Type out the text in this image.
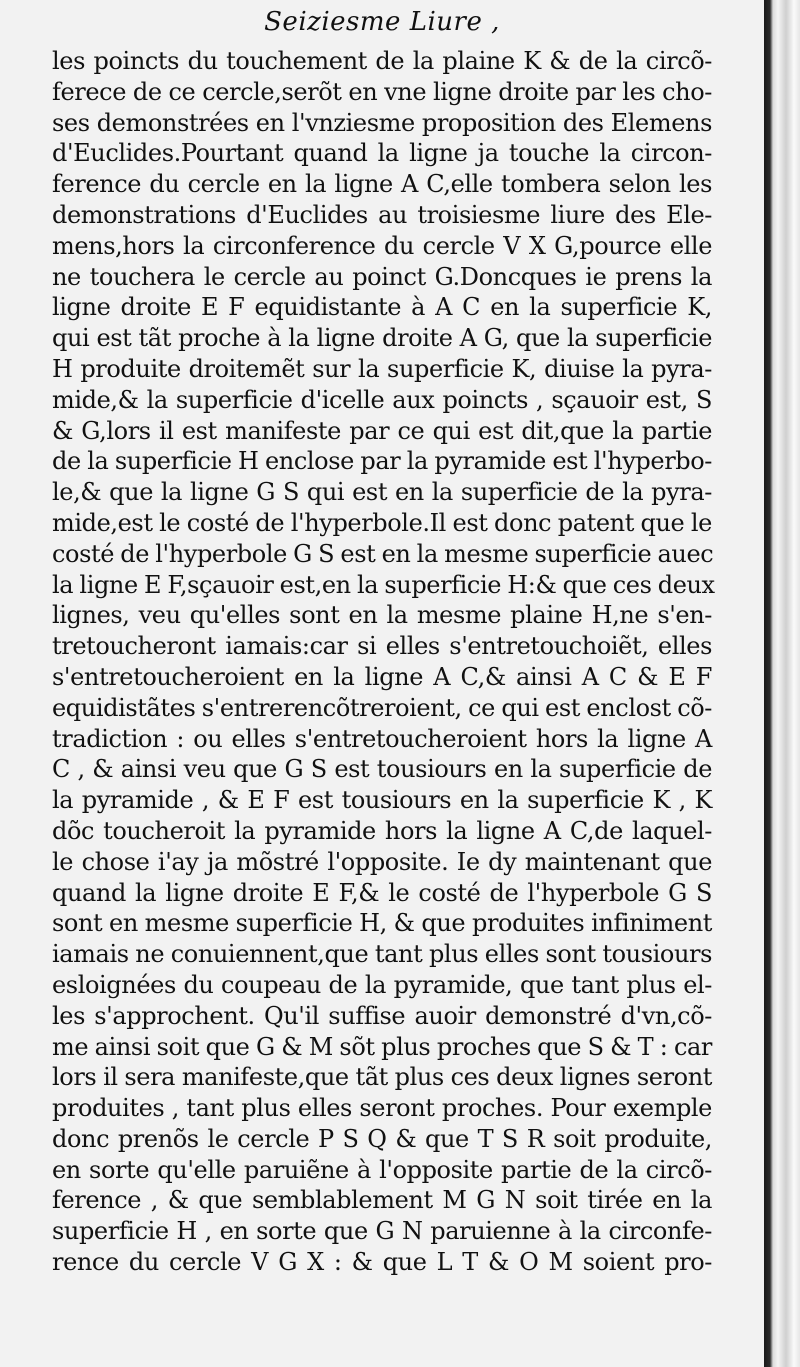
Seiziesme Liure ,
les poincts du touchement de la plaine K & de la circõ-
ferece de ce cercle,serõt en vne ligne droite par les cho-
ses demonstrées en l'vnziesme proposition des Elemens
d'Euclides.Pourtant quand la ligne ja touche la circon-
ference du cercle en la ligne A C,elle tombera selon les
demonstrations d'Euclides au troisiesme liure des Ele-
mens,hors la circonference du cercle V X G,pource elle
ne touchera le cercle au poinct G.Doncques ie prens la
ligne droite E F equidistante à A C en la superficie K,
qui est tãt proche à la ligne droite A G, que la superficie
H produite droitemẽt sur la superficie K, diuise la pyra-
mide,& la superficie d'icelle aux poincts , sçauoir est, S
& G,lors il est manifeste par ce qui est dit,que la partie
de la superficie H enclose par la pyramide est l'hyperbo-
le,& que la ligne G S qui est en la superficie de la pyra-
mide,est le costé de l'hyperbole.Il est donc patent que le
costé de l'hyperbole G S est en la mesme superficie auec
la ligne E F,sçauoir est,en la superficie H:& que ces deux
lignes, veu qu'elles sont en la mesme plaine H,ne s'en-
tretoucheront iamais:car si elles s'entretouchoiẽt, elles
s'entretoucheroient en la ligne A C,& ainsi A C & E F
equidistãtes s'entrerencõtreroient, ce qui est enclost cõ-
tradiction : ou elles s'entretoucheroient hors la ligne A
C , & ainsi veu que G S est tousiours en la superficie de
la pyramide , & E F est tousiours en la superficie K , K
dõc toucheroit la pyramide hors la ligne A C,de laquel-
le chose i'ay ja mõstré l'opposite. Ie dy maintenant que
quand la ligne droite E F,& le costé de l'hyperbole G S
sont en mesme superficie H, & que produites infiniment
iamais ne conuiennent,que tant plus elles sont tousiours
esloignées du coupeau de la pyramide, que tant plus el-
les s'approchent. Qu'il suffise auoir demonstré d'vn,cõ-
me ainsi soit que G & M sõt plus proches que S & T : car
lors il sera manifeste,que tãt plus ces deux lignes seront
produites , tant plus elles seront proches. Pour exemple
donc prenõs le cercle P S Q & que T S R soit produite,
en sorte qu'elle paruiẽne à l'opposite partie de la circõ-
ference , & que semblablement M G N soit tirée en la
superficie H , en sorte que G N paruienne à la circonfe-
rence du cercle V G X : & que L T & O M soient pro-
